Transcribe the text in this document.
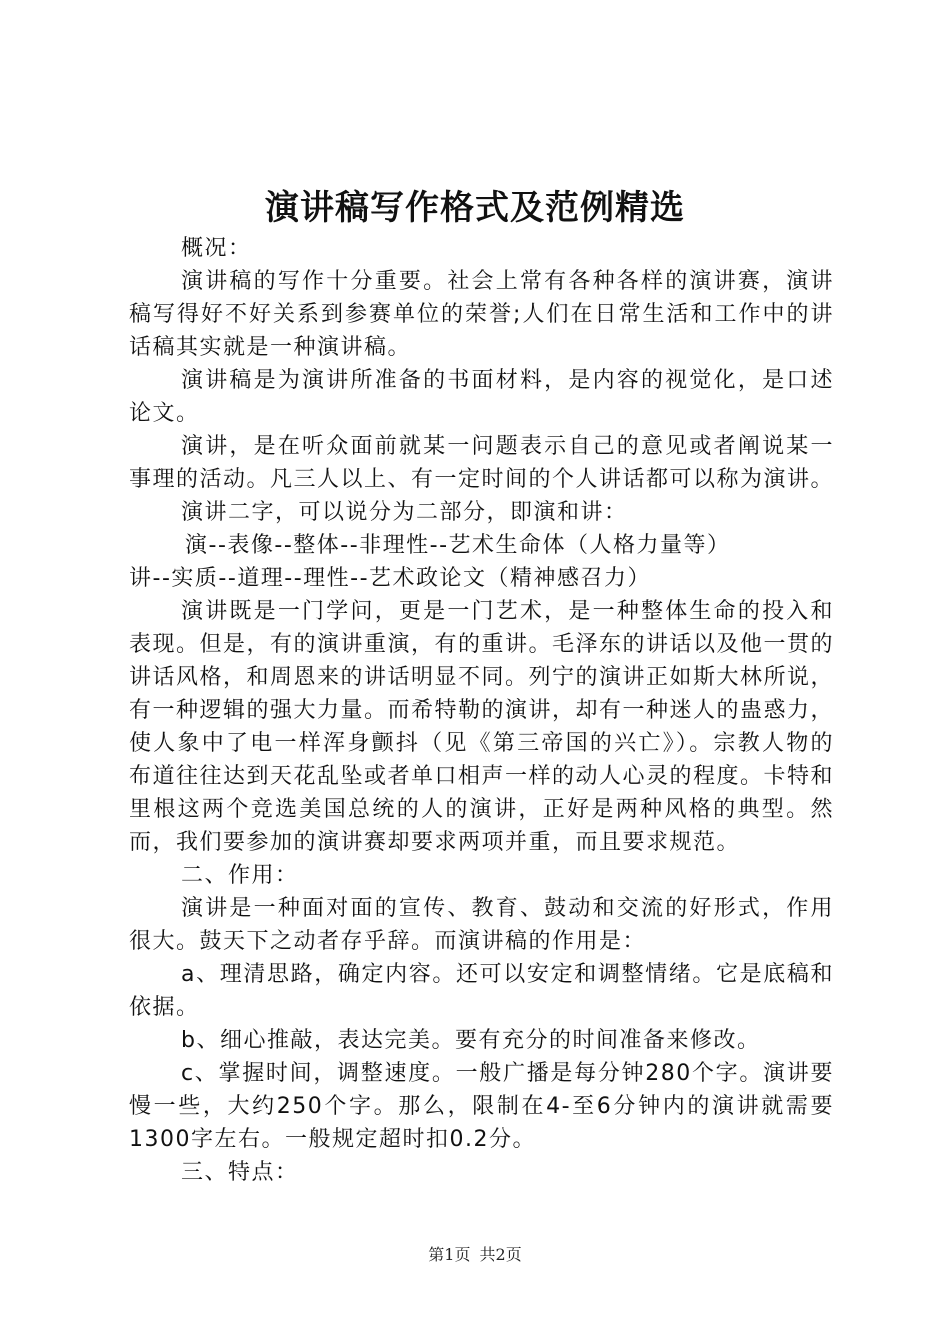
演讲稿写作格式及范例精选

概况：

演讲稿的写作十分重要。社会上常有各种各样的演讲赛，演讲稿写得好不好关系到参赛单位的荣誉;人们在日常生活和工作中的讲话稿其实就是一种演讲稿。

演讲稿是为演讲所准备的书面材料，是内容的视觉化，是口述论文。

演讲，是在听众面前就某一问题表示自己的意见或者阐说某一事理的活动。凡三人以上、有一定时间的个人讲话都可以称为演讲。

演讲二字，可以说分为二部分，即演和讲：

演--表像--整体--非理性--艺术生命体（人格力量等）

讲--实质--道理--理性--艺术政论文（精神感召力）

演讲既是一门学问，更是一门艺术，是一种整体生命的投入和表现。但是，有的演讲重演，有的重讲。毛泽东的讲话以及他一贯的讲话风格，和周恩来的讲话明显不同。列宁的演讲正如斯大林所说，有一种逻辑的强大力量。而希特勒的演讲，却有一种迷人的蛊惑力，使人象中了电一样浑身颤抖（见《第三帝国的兴亡》）。宗教人物的布道往往达到天花乱坠或者单口相声一样的动人心灵的程度。卡特和里根这两个竞选美国总统的人的演讲，正好是两种风格的典型。然而，我们要参加的演讲赛却要求两项并重，而且要求规范。

二、作用：

演讲是一种面对面的宣传、教育、鼓动和交流的好形式，作用很大。鼓天下之动者存乎辞。而演讲稿的作用是：

a、理清思路，确定内容。还可以安定和调整情绪。它是底稿和依据。

b、细心推敲，表达完美。要有充分的时间准备来修改。

c、掌握时间，调整速度。一般广播是每分钟280个字。演讲要慢一些，大约250个字。那么，限制在4-至6分钟内的演讲就需要1300字左右。一般规定超时扣0.2分。

三、特点：

第1页 共2页
